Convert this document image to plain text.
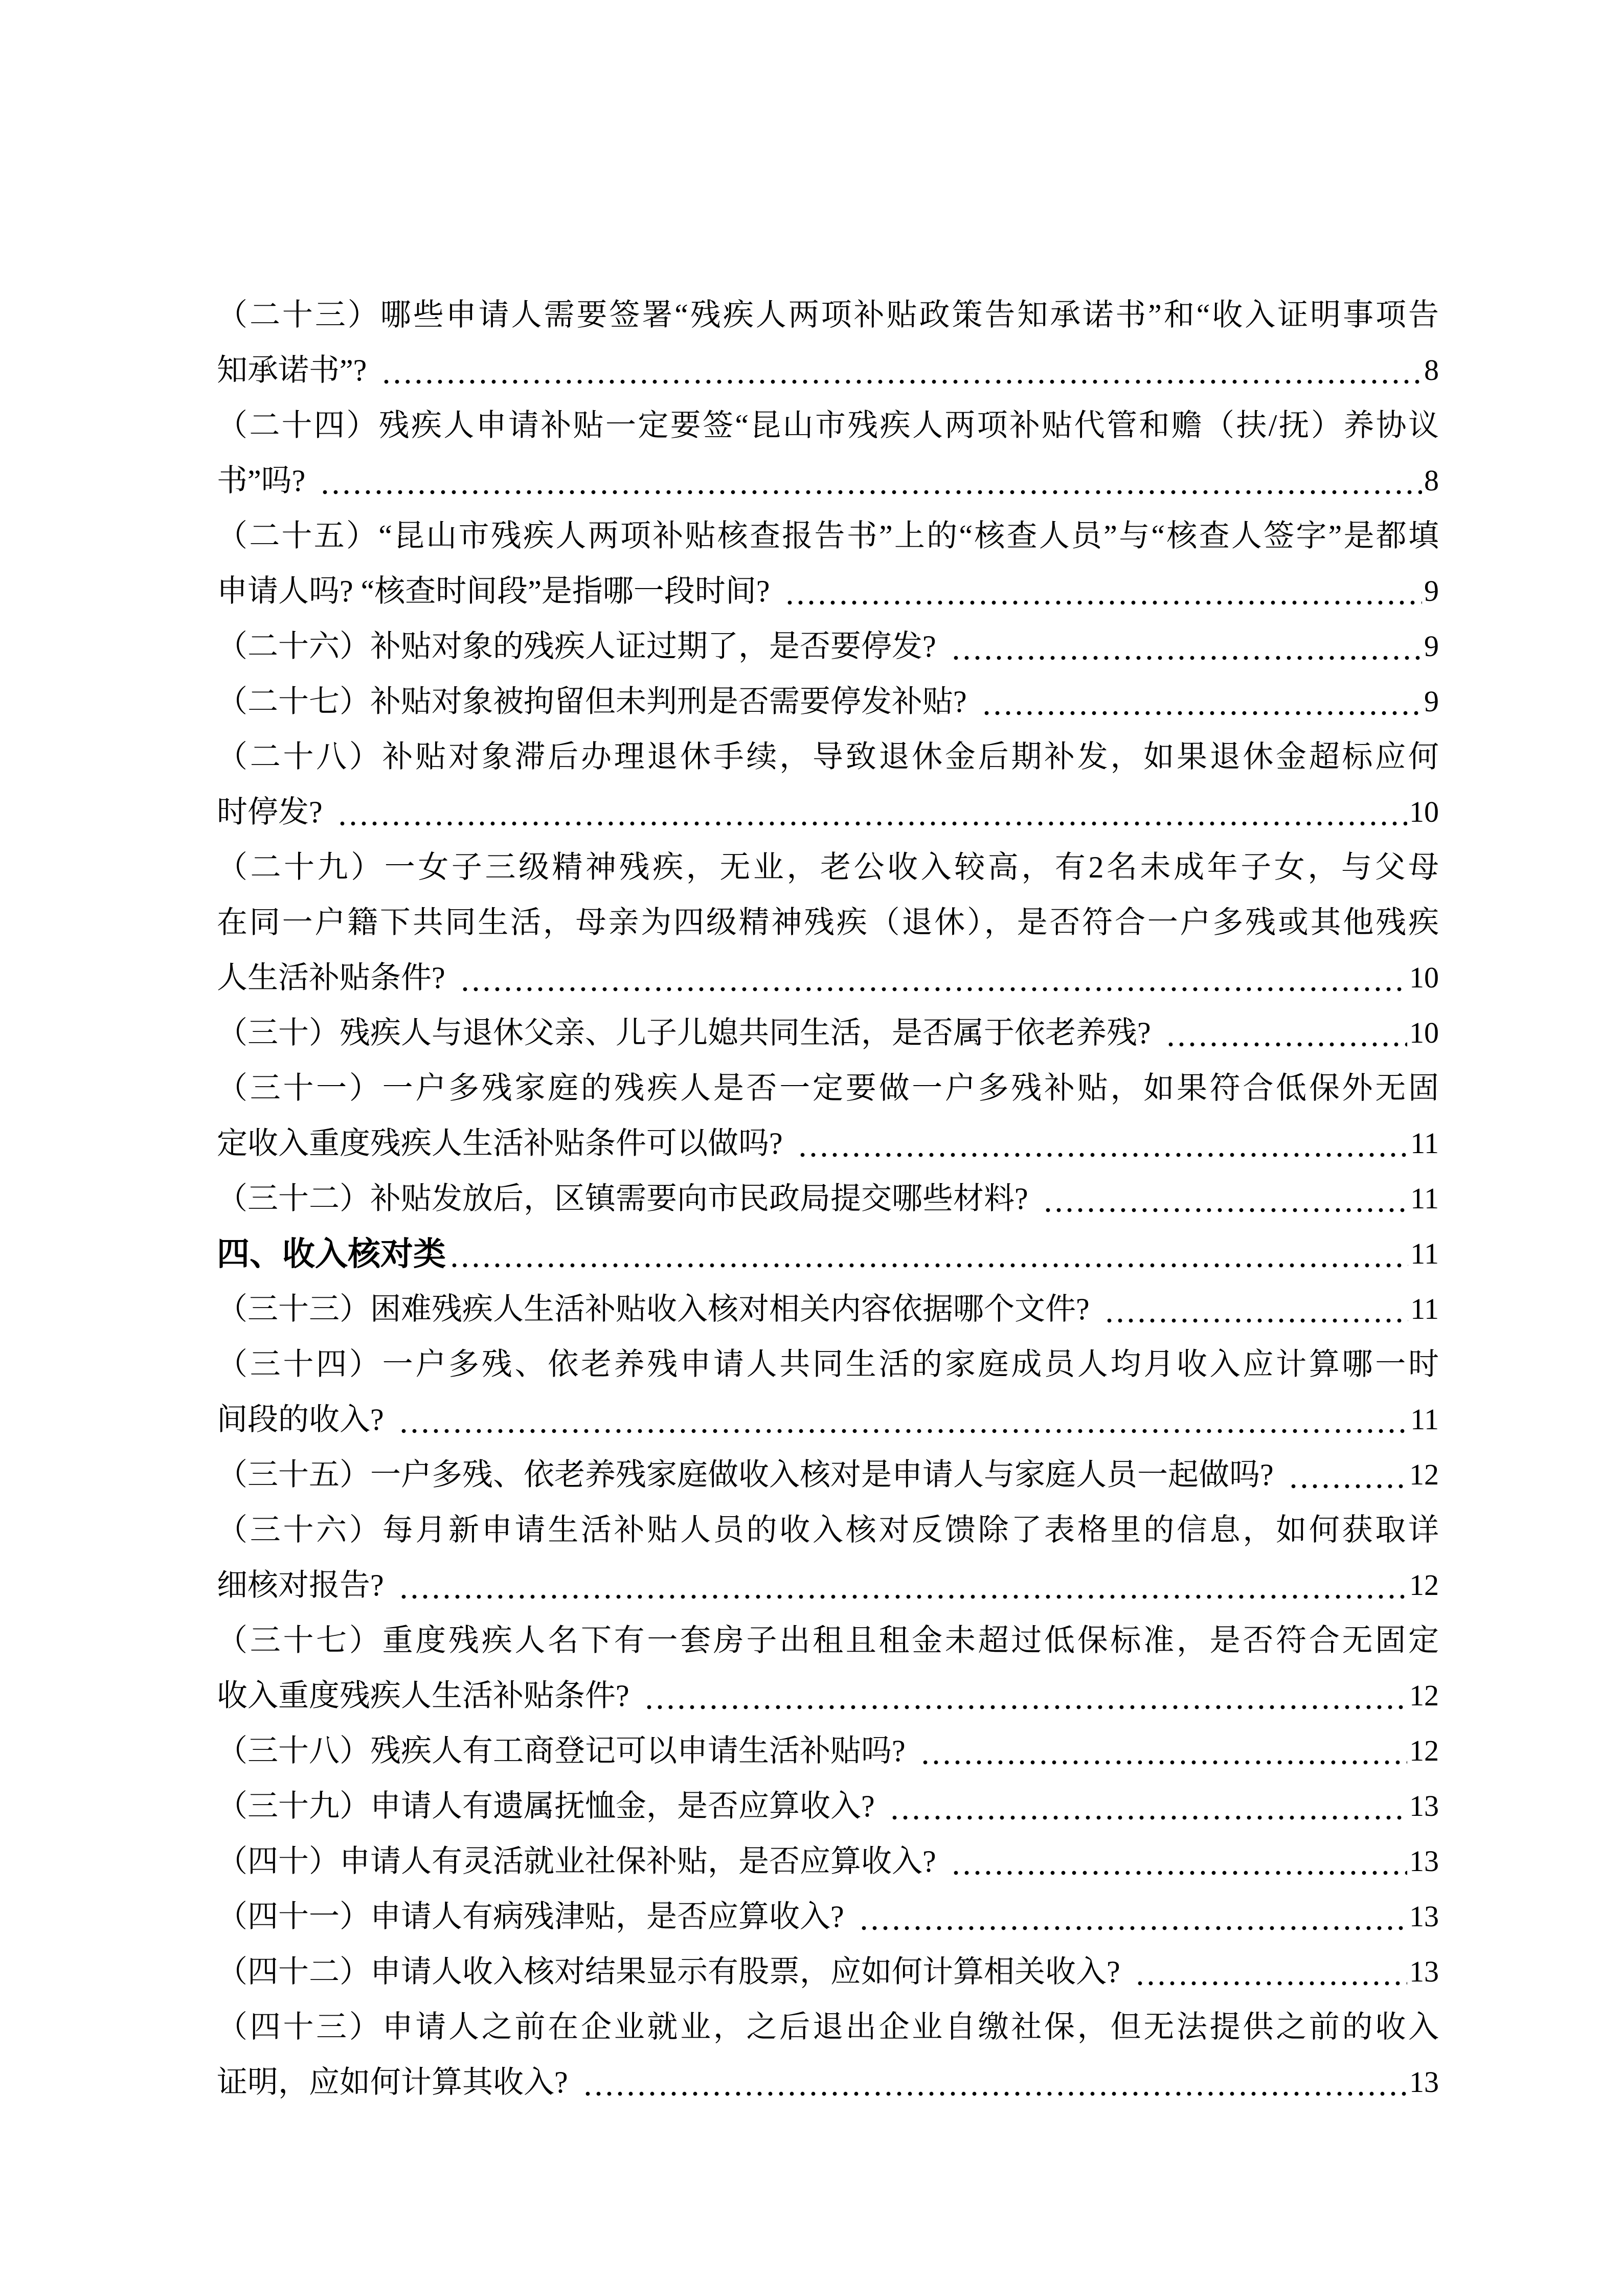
（二十三）哪些申请人需要签署“残疾人两项补贴政策告知承诺书”和“收入证明事项告
知承诺书”?	8
（二十四）残疾人申请补贴一定要签“昆山市残疾人两项补贴代管和赡（扶/抚）养协议
书”吗?	8
（二十五）“昆山市残疾人两项补贴核查报告书”上的“核查人员”与“核查人签字”是都填
申请人吗? “核查时间段”是指哪一段时间?	9
（二十六）补贴对象的残疾人证过期了，是否要停发?	9
（二十七）补贴对象被拘留但未判刑是否需要停发补贴?	9
（二十八）补贴对象滞后办理退休手续，导致退休金后期补发，如果退休金超标应何
时停发?	10
（二十九）一女子三级精神残疾，无业，老公收入较高，有2名未成年子女，与父母
在同一户籍下共同生活，母亲为四级精神残疾（退休），是否符合一户多残或其他残疾
人生活补贴条件?	10
（三十）残疾人与退休父亲、儿子儿媳共同生活，是否属于依老养残?	10
（三十一）一户多残家庭的残疾人是否一定要做一户多残补贴，如果符合低保外无固
定收入重度残疾人生活补贴条件可以做吗?	11
（三十二）补贴发放后，区镇需要向市民政局提交哪些材料?	11
四、收入核对类	11
（三十三）困难残疾人生活补贴收入核对相关内容依据哪个文件?	11
（三十四）一户多残、依老养残申请人共同生活的家庭成员人均月收入应计算哪一时
间段的收入?	11
（三十五）一户多残、依老养残家庭做收入核对是申请人与家庭人员一起做吗?	12
（三十六）每月新申请生活补贴人员的收入核对反馈除了表格里的信息，如何获取详
细核对报告?	12
（三十七）重度残疾人名下有一套房子出租且租金未超过低保标准，是否符合无固定
收入重度残疾人生活补贴条件?	12
（三十八）残疾人有工商登记可以申请生活补贴吗?	12
（三十九）申请人有遗属抚恤金，是否应算收入?	13
（四十）申请人有灵活就业社保补贴，是否应算收入?	13
（四十一）申请人有病残津贴，是否应算收入?	13
（四十二）申请人收入核对结果显示有股票，应如何计算相关收入?	13
（四十三）申请人之前在企业就业，之后退出企业自缴社保，但无法提供之前的收入
证明，应如何计算其收入?	13
